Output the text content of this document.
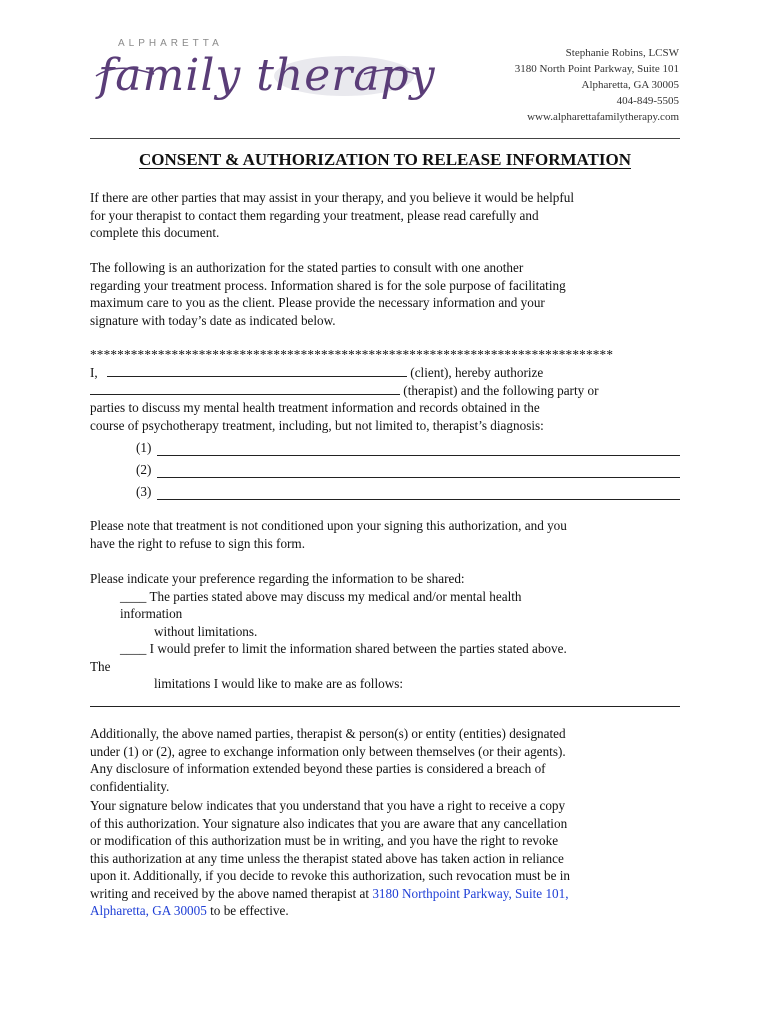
ALPHARETTA
family therapy	Stephanie Robins, LCSW
3180 North Point Parkway, Suite 101
Alpharetta, GA 30005
404-849-5505
www.alpharettafamilytherapy.com
CONSENT & AUTHORIZATION TO RELEASE INFORMATION
If there are other parties that may assist in your therapy, and you believe it would be helpful
for your therapist to contact them regarding your treatment, please read carefully and
complete this document.
The following is an authorization for the stated parties to consult with one another
regarding your treatment process. Information shared is for the sole purpose of facilitating
maximum care to you as the client. Please provide the necessary information and your
signature with today’s date as indicated below.
*****************************************************************************
I,	(client), hereby authorize
(therapist) and the following party or
parties to discuss my mental health treatment information and records obtained in the
course of psychotherapy treatment, including, but not limited to, therapist’s diagnosis:
(1)
(2)
(3)
Please note that treatment is not conditioned upon your signing this authorization, and you
have the right to refuse to sign this form.
Please indicate your preference regarding the information to be shared:
____ The parties stated above may discuss my medical and/or mental health
information
without limitations.
____ I would prefer to limit the information shared between the parties stated above.
The
limitations I would like to make are as follows:
Additionally, the above named parties, therapist & person(s) or entity (entities) designated
under (1) or (2), agree to exchange information only between themselves (or their agents).
Any disclosure of information extended beyond these parties is considered a breach of
confidentiality.
Your signature below indicates that you understand that you have a right to receive a copy
of this authorization. Your signature also indicates that you are aware that any cancellation
or modification of this authorization must be in writing, and you have the right to revoke
this authorization at any time unless the therapist stated above has taken action in reliance
upon it. Additionally, if you decide to revoke this authorization, such revocation must be in
writing and received by the above named therapist at 3180 Northpoint Parkway, Suite 101,
Alpharetta, GA 30005 to be effective.
